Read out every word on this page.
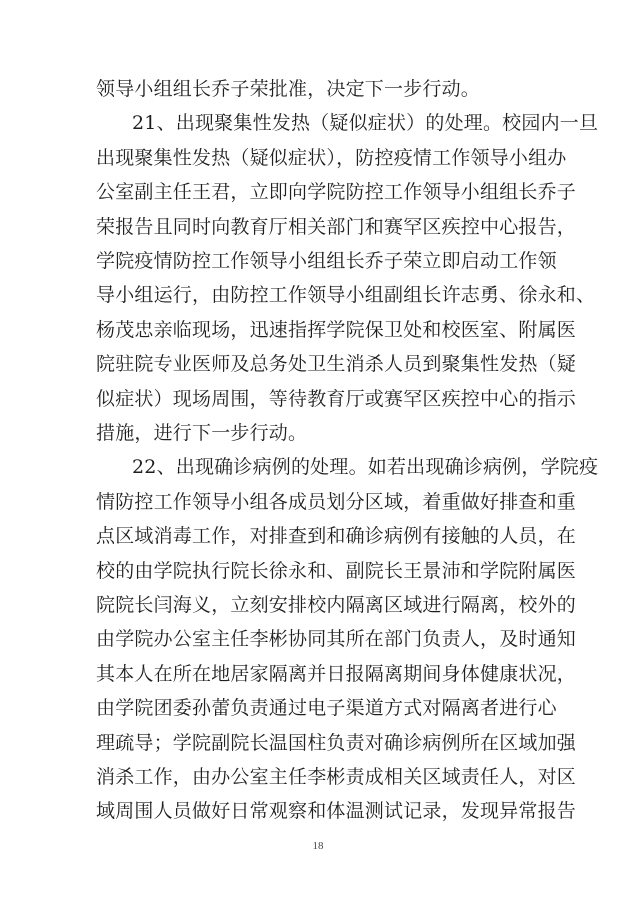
领导小组组长乔子荣批准，决定下一步行动。
21、出现聚集性发热（疑似症状）的处理。校园内一旦
出现聚集性发热（疑似症状），防控疫情工作领导小组办
公室副主任王君，立即向学院防控工作领导小组组长乔子
荣报告且同时向教育厅相关部门和赛罕区疾控中心报告，
学院疫情防控工作领导小组组长乔子荣立即启动工作领
导小组运行，由防控工作领导小组副组长许志勇、徐永和、
杨茂忠亲临现场，迅速指挥学院保卫处和校医室、附属医
院驻院专业医师及总务处卫生消杀人员到聚集性发热（疑
似症状）现场周围，等待教育厅或赛罕区疾控中心的指示
措施，进行下一步行动。
22、出现确诊病例的处理。如若出现确诊病例，学院疫
情防控工作领导小组各成员划分区域，着重做好排查和重
点区域消毒工作，对排查到和确诊病例有接触的人员，在
校的由学院执行院长徐永和、副院长王景沛和学院附属医
院院长闫海义，立刻安排校内隔离区域进行隔离，校外的
由学院办公室主任李彬协同其所在部门负责人，及时通知
其本人在所在地居家隔离并日报隔离期间身体健康状况，
由学院团委孙蕾负责通过电子渠道方式对隔离者进行心
理疏导；学院副院长温国柱负责对确诊病例所在区域加强
消杀工作，由办公室主任李彬责成相关区域责任人，对区
域周围人员做好日常观察和体温测试记录，发现异常报告
18
